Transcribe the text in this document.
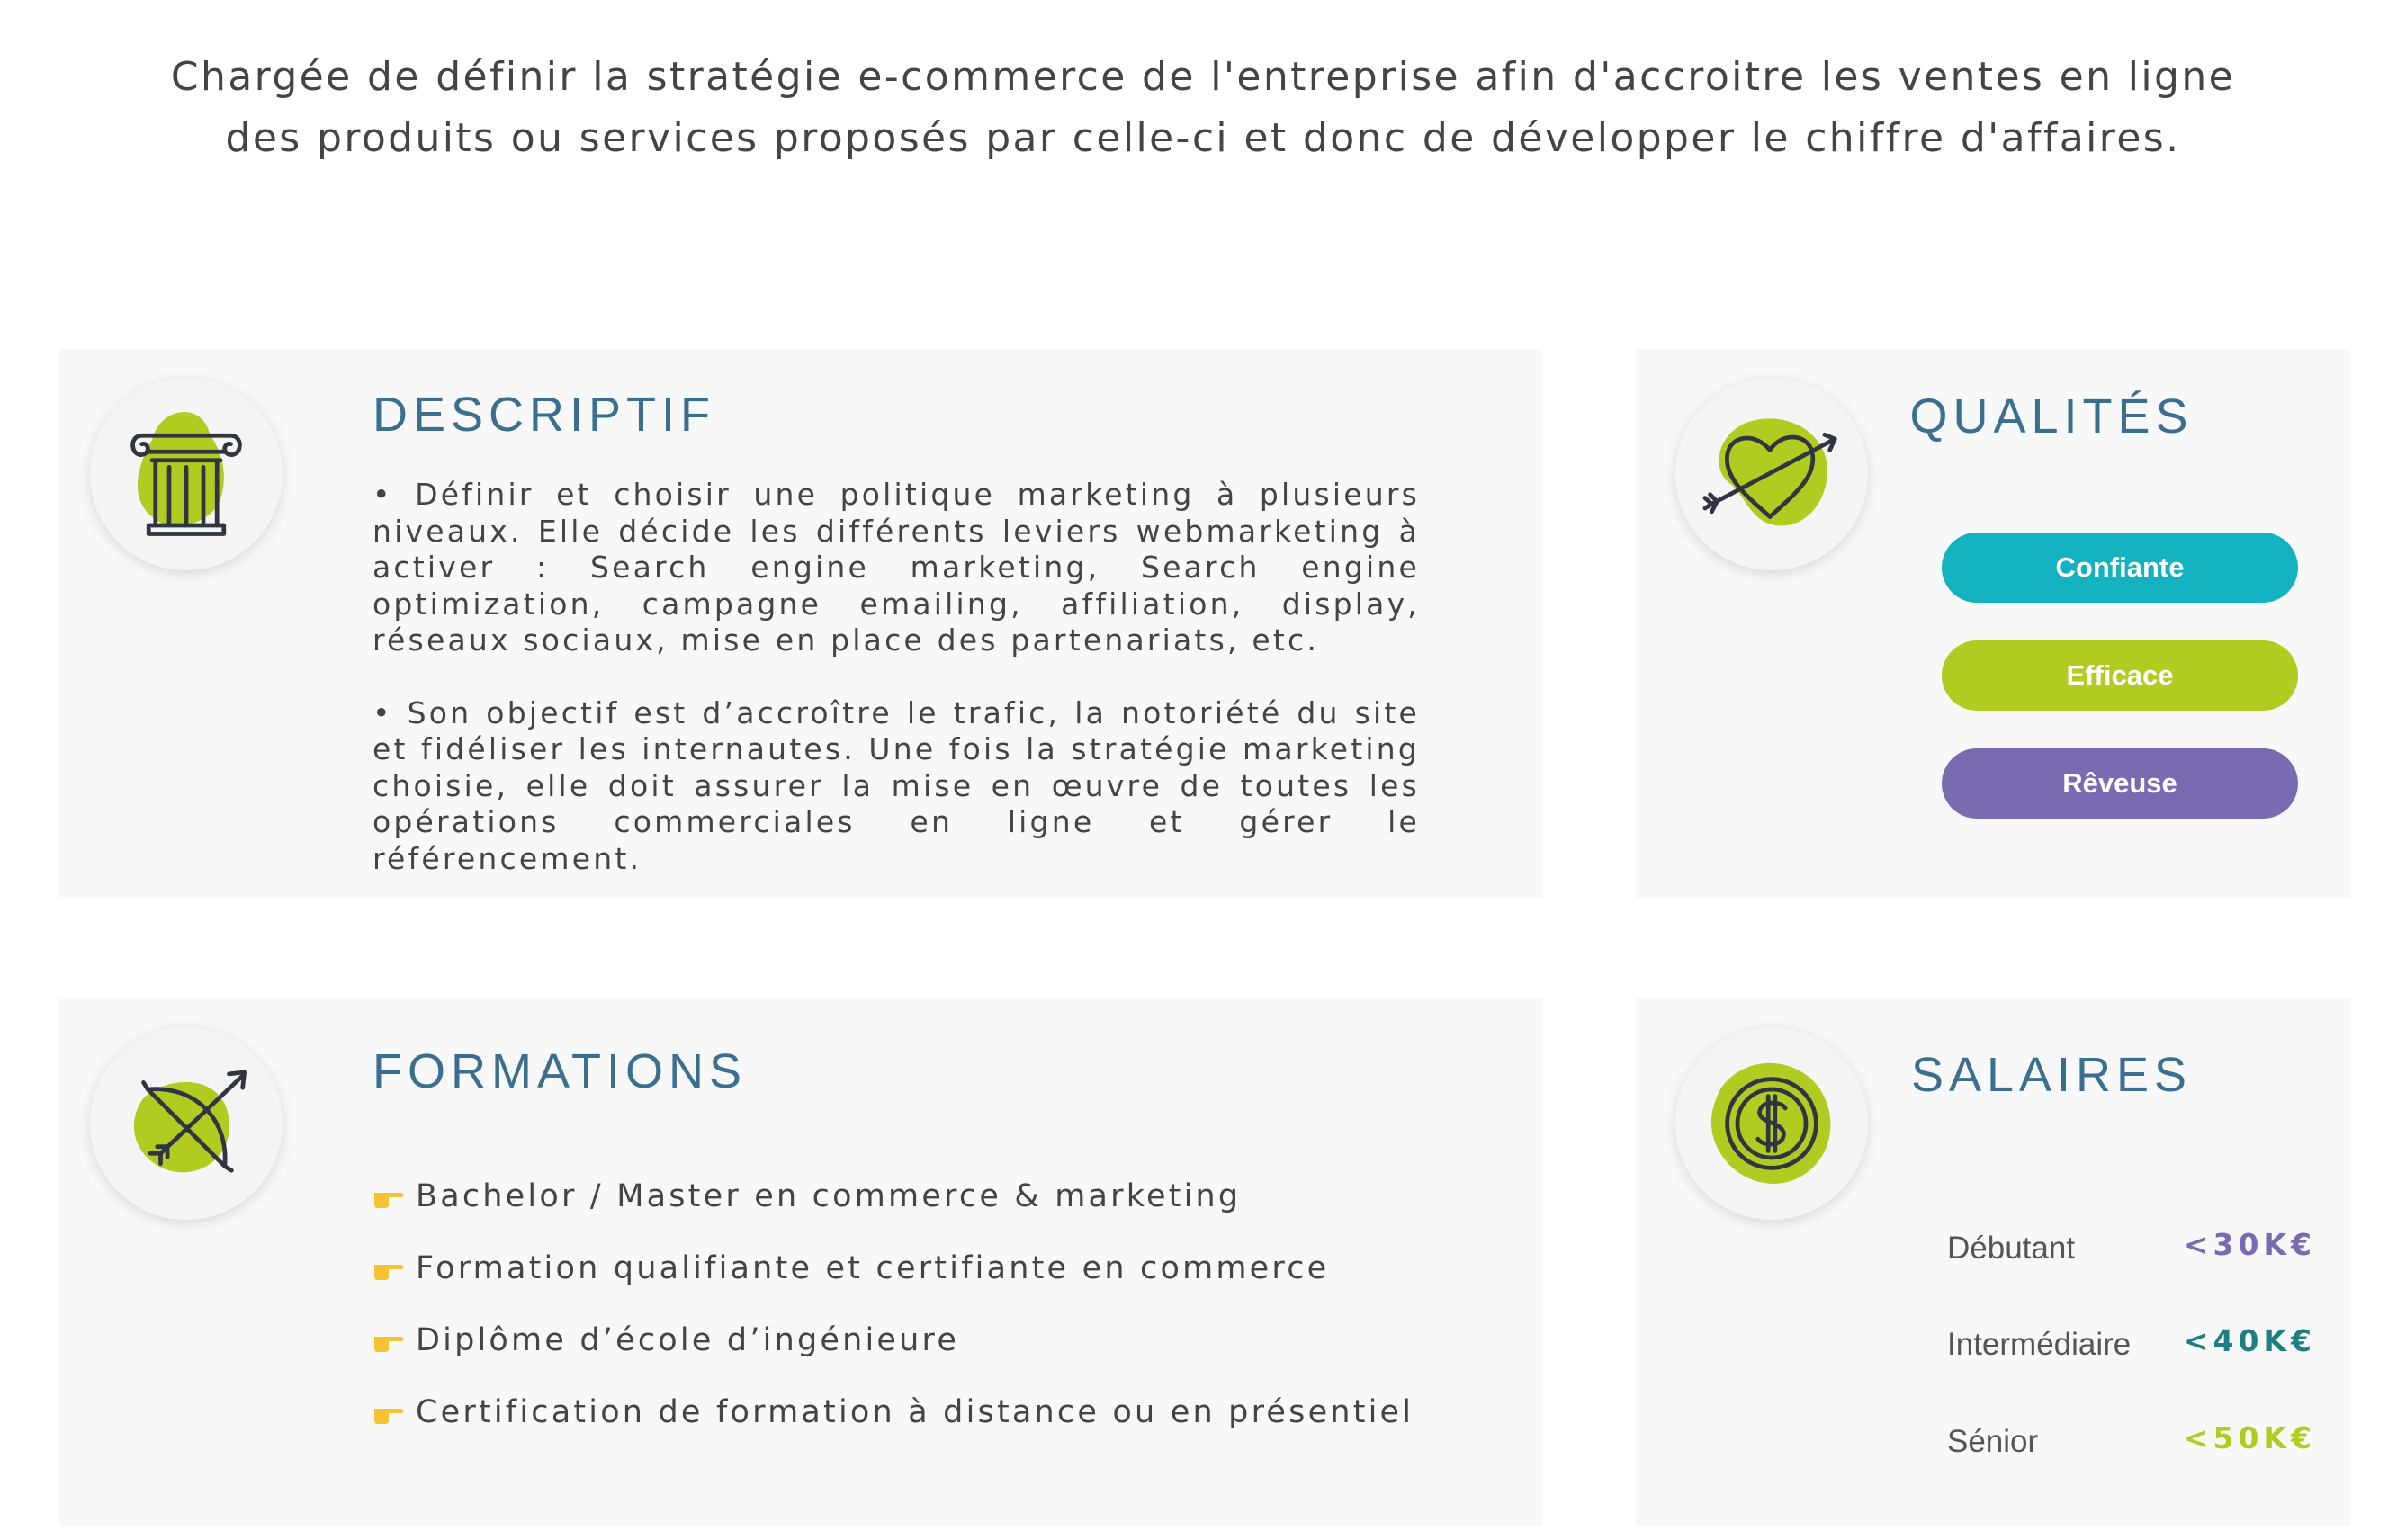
Chargée de définir la stratégie e-commerce de l'entreprise afin d'accroitre les ventes en ligne
des produits ou services proposés par celle-ci et donc de développer le chiffre d'affaires.
DESCRIPTIF

• Définir et choisir une politique marketing à plusieurs niveaux. Elle décide les différents leviers webmarketing à activer : Search engine marketing, Search engine optimization, campagne emailing, affiliation, display, réseaux sociaux, mise en place des partenariats, etc.

• Son objectif est d’accroître le trafic, la notoriété du site et fidéliser les internautes. Une fois la stratégie marketing choisie, elle doit assurer la mise en œuvre de toutes les opérations commerciales en ligne et gérer le référencement.

QUALITÉS
Confiante
Efficace
Rêveuse
FORMATIONS
Bachelor / Master en commerce & marketing
Formation qualifiante et certifiante en commerce
Diplôme d’école d’ingénieure
Certification de formation à distance ou en présentiel
SALAIRES
Débutant	<30K€
Intermédiaire <40K€
Sénior	<50K€
